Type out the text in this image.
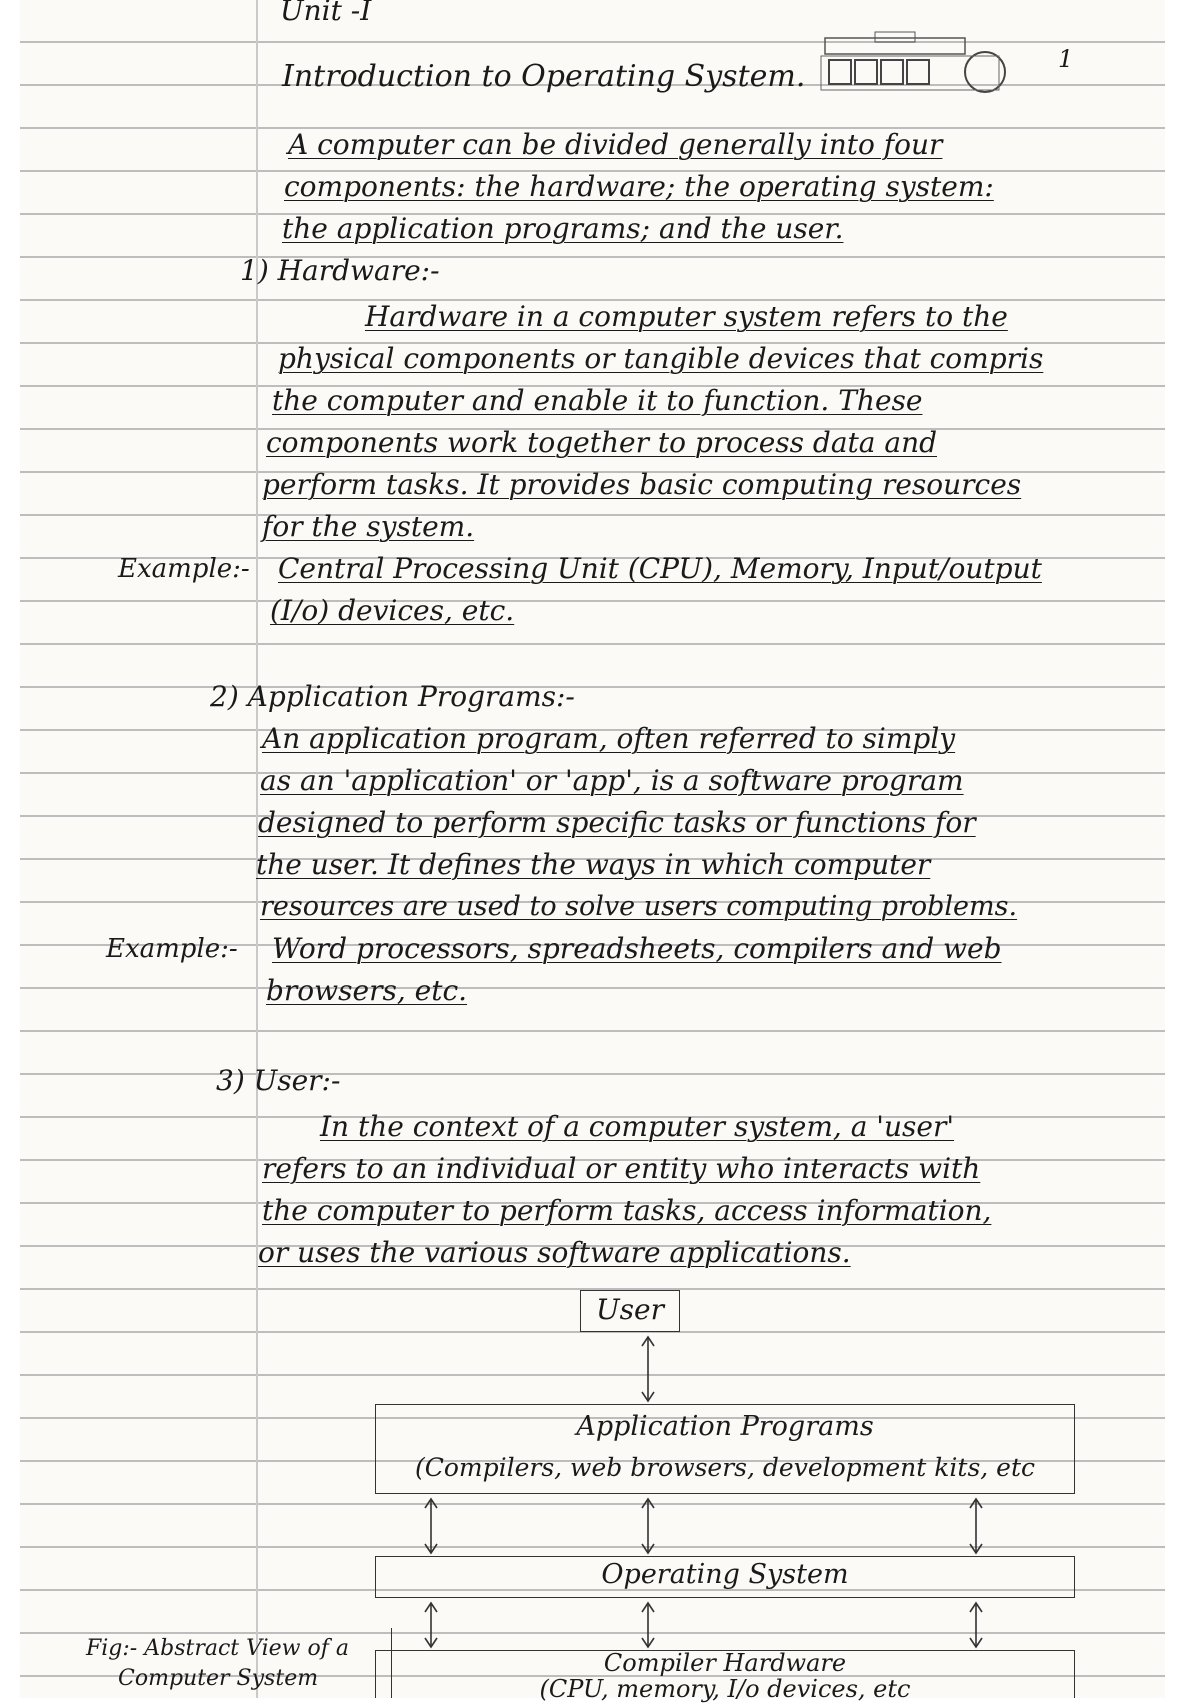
1
Unit -I
Introduction to Operating System.
A computer can be divided generally into four
components: the hardware; the operating system:
the application programs; and the user.
1) Hardware:-
Hardware in a computer system refers to the
physical components or tangible devices that compris
the computer and enable it to function. These
components work together to process data and
perform tasks. It provides basic computing resources
for the system.
Example:- Central Processing Unit (CPU), Memory, Input/output
(I/o) devices, etc.
2) Application Programs:-
An application program, often referred to simply
as an 'application' or 'app', is a software program
designed to perform specific tasks or functions for
the user. It defines the ways in which computer
resources are used to solve users computing problems.
Example:- Word processors, spreadsheets, compilers and web
browsers, etc.
3) User:-
In the context of a computer system, a 'user'
refers to an individual or entity who interacts with
the computer to perform tasks, access information,
or uses the various software applications.
User
Application Programs
(Compilers, web browsers, development kits, etc
Operating System
Compiler Hardware
(CPU, memory, I/o devices, etc
Fig:- Abstract View of a
Computer System
